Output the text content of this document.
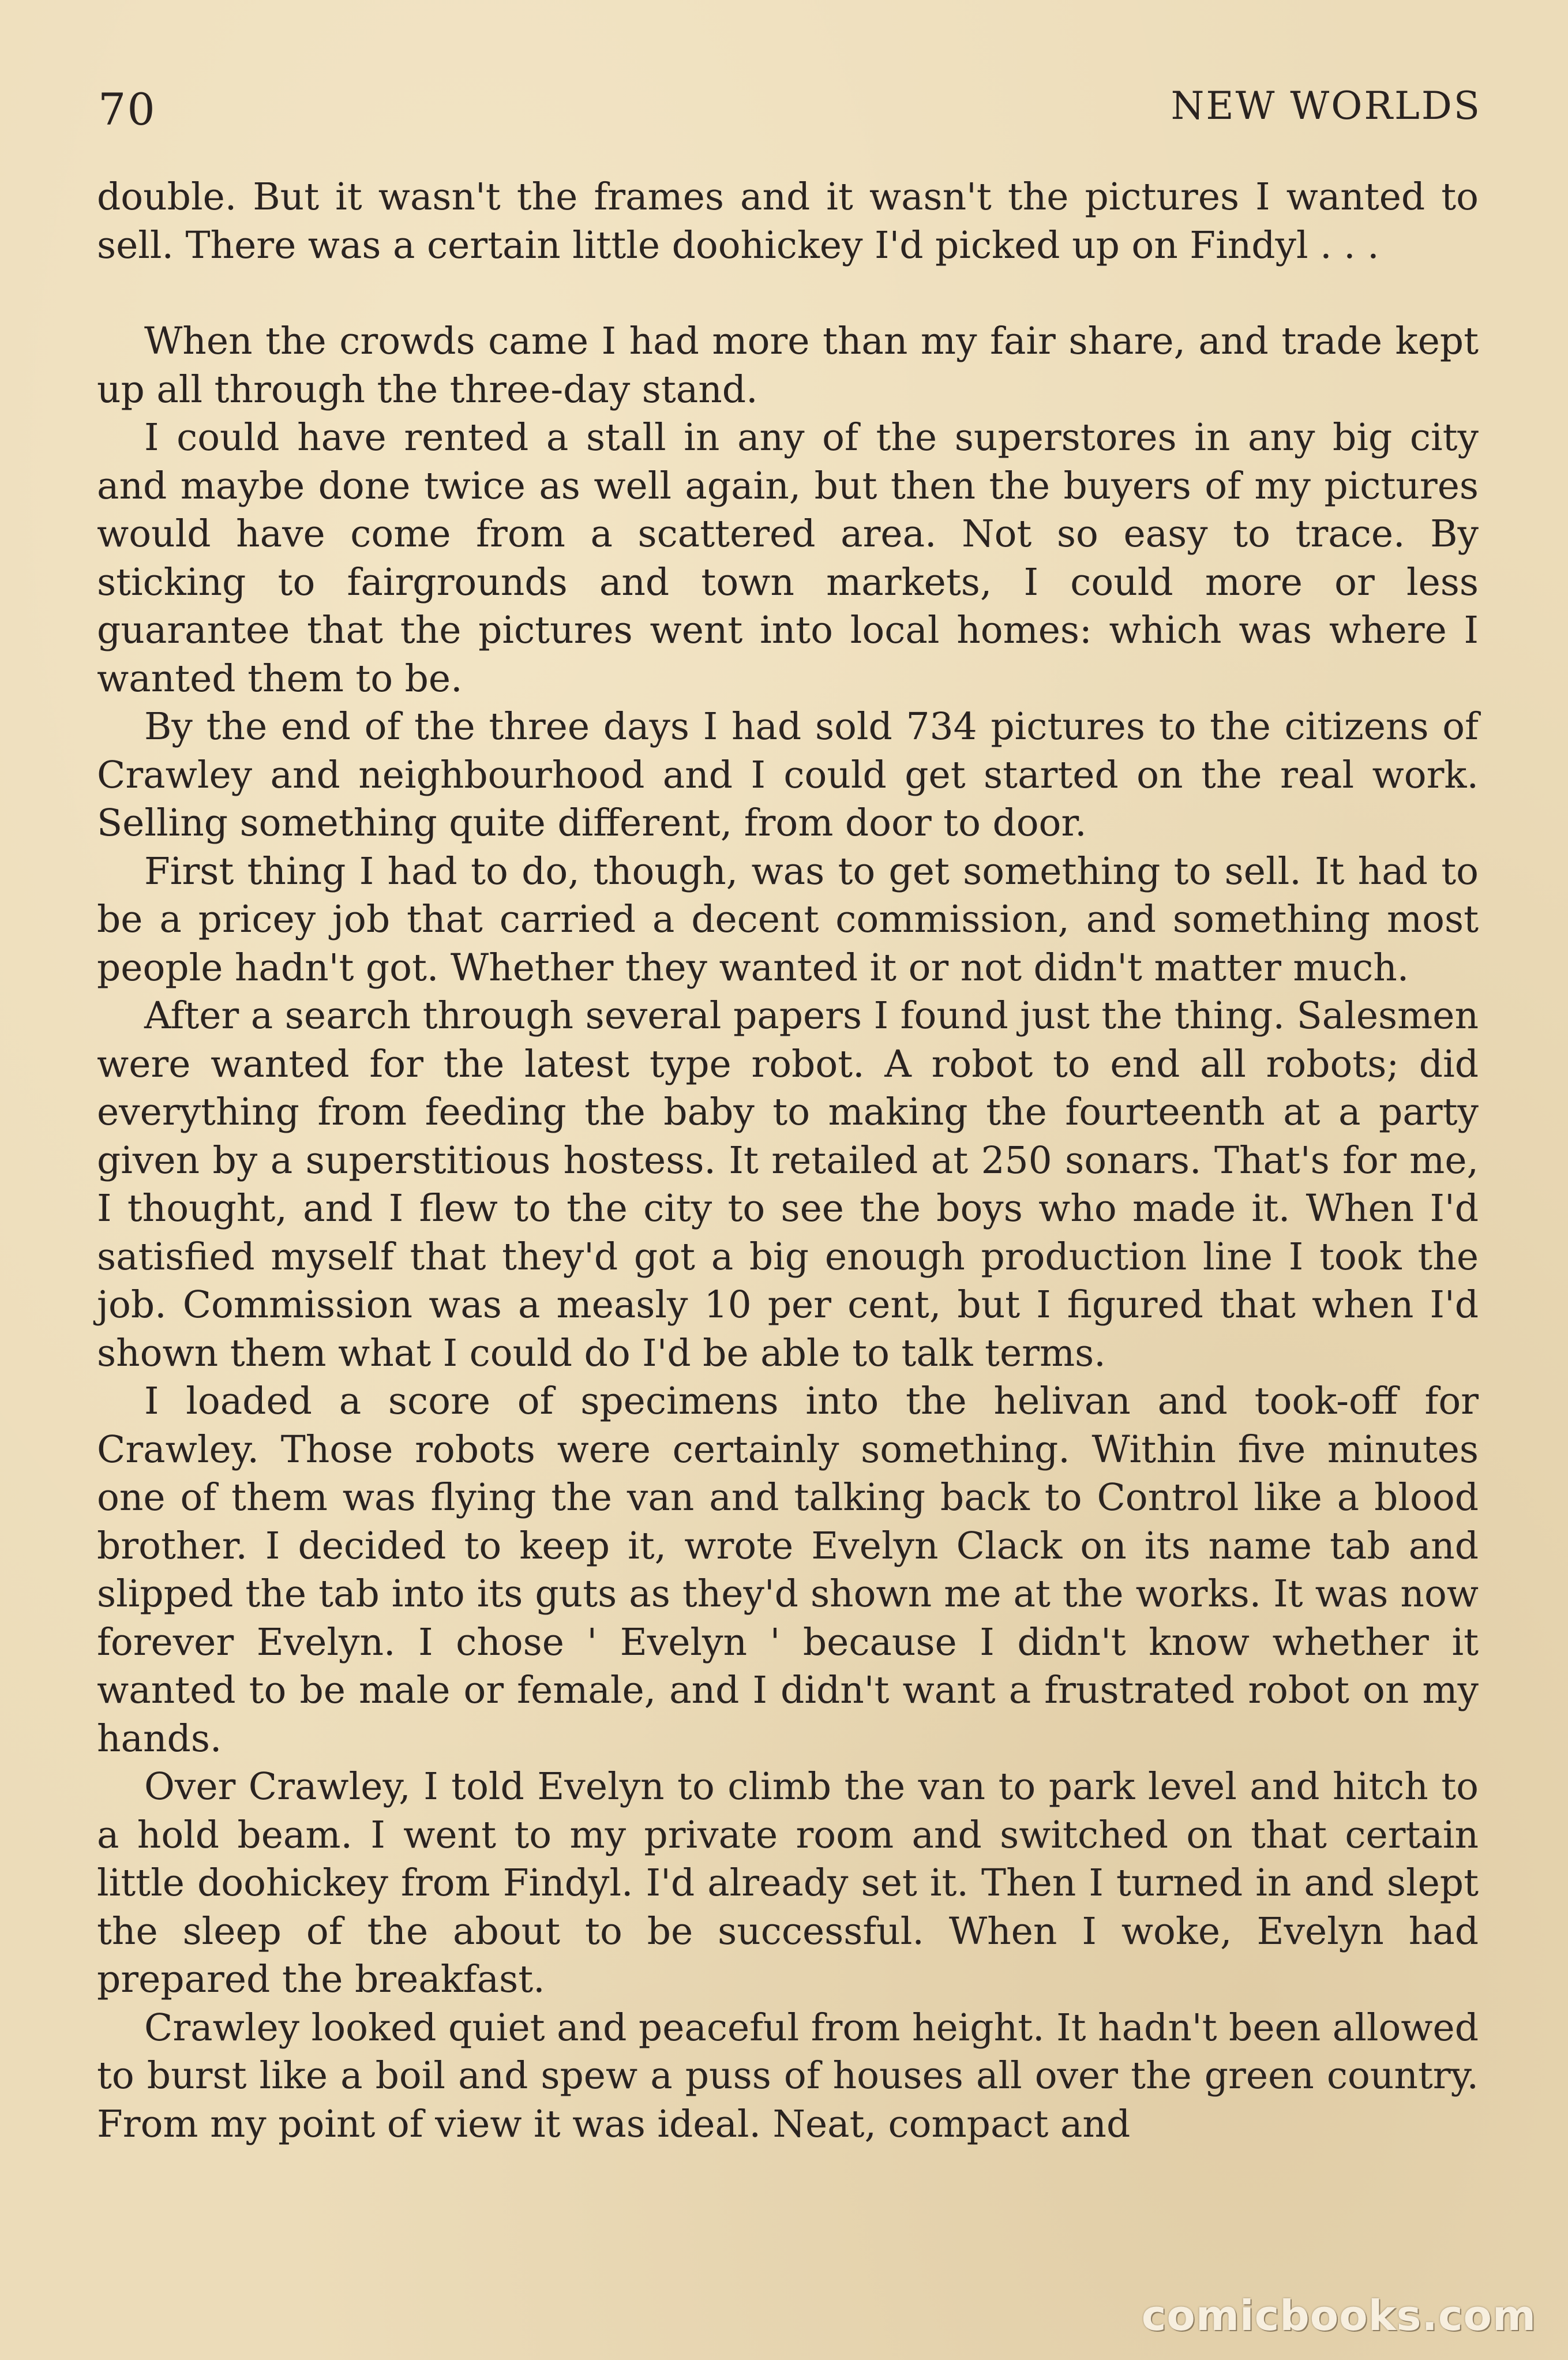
70	NEW WORLDS

double. But it wasn't the frames and it wasn't the pictures I wanted to sell. There was a certain little doohickey I'd picked up on Findyl . . .

When the crowds came I had more than my fair share, and trade kept up all through the three-day stand.

I could have rented a stall in any of the superstores in any big city and maybe done twice as well again, but then the buyers of my pictures would have come from a scattered area. Not so easy to trace. By sticking to fairgrounds and town markets, I could more or less guarantee that the pictures went into local homes: which was where I wanted them to be.

By the end of the three days I had sold 734 pictures to the citizens of Crawley and neighbourhood and I could get started on the real work. Selling something quite different, from door to door.

First thing I had to do, though, was to get something to sell. It had to be a pricey job that carried a decent commission, and something most people hadn't got. Whether they wanted it or not didn't matter much.

After a search through several papers I found just the thing. Salesmen were wanted for the latest type robot. A robot to end all robots; did everything from feeding the baby to making the fourteenth at a party given by a superstitious hostess. It retailed at 250 sonars. That's for me, I thought, and I flew to the city to see the boys who made it. When I'd satisfied myself that they'd got a big enough production line I took the job. Commission was a measly 10 per cent, but I figured that when I'd shown them what I could do I'd be able to talk terms.

I loaded a score of specimens into the helivan and took-off for Crawley. Those robots were certainly something. Within five minutes one of them was flying the van and talking back to Control like a blood brother. I decided to keep it, wrote Evelyn Clack on its name tab and slipped the tab into its guts as they'd shown me at the works. It was now forever Evelyn. I chose ' Evelyn ' because I didn't know whether it wanted to be male or female, and I didn't want a frustrated robot on my hands.

Over Crawley, I told Evelyn to climb the van to park level and hitch to a hold beam. I went to my private room and switched on that certain little doohickey from Findyl. I'd already set it. Then I turned in and slept the sleep of the about to be successful. When I woke, Evelyn had prepared the breakfast.

Crawley looked quiet and peaceful from height. It hadn't been allowed to burst like a boil and spew a puss of houses all over the green country. From my point of view it was ideal. Neat, compact and

comicbooks.com
